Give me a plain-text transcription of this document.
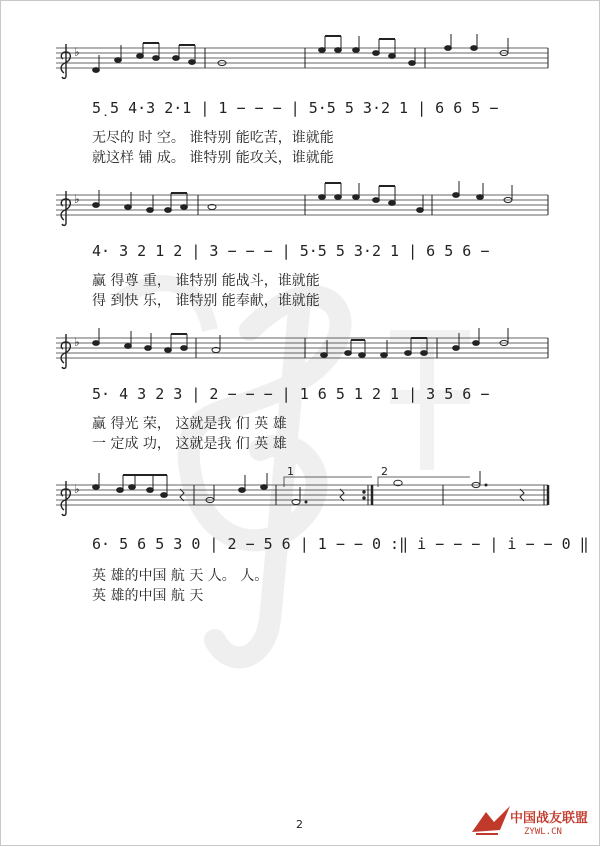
♭
5̣ 5 4·3 2·1 | 1 − − − | 5·5 5 3·2 1 | 6 6 5 −
无尽的 时 空。 谁特别 能吃苦，谁就能
就这样 铺 成。 谁特别 能攻关，谁就能
♭
4· 3 2 1 2 | 3 − − − | 5·5 5 3·2 1 | 6 5 6 −
赢 得尊 重， 谁特别 能战斗，谁就能
得 到快 乐， 谁特别 能奉献，谁就能
♭
5· 4 3 2 3 | 2 − − − | 1 6 5 1 2 1 | 3 5 6 −
赢 得光 荣， 这就是我 们 英 雄
一 定成 功， 这就是我 们 英 雄
♭
1	2
6· 5 6 5 3 0 | 2 − 5 6 | 1 − − 0 :‖ i̇ − − − | i̇ − − 0 ‖
英 雄的中国 航 天 人。 人。
英 雄的中国 航 天
2	中国战友联盟
ZYWL.CN
